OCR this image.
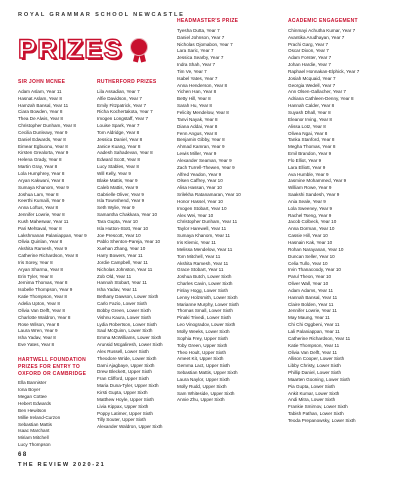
ROYAL GRAMMAR SCHOOL NEWCASTLE
PRIZES
SIR JOHN MCNEE
Adam Aslam, Year 11
Hasnat Aslam, Year 8
Hamzah Bansal, Year 11
Ciara Bowden, Year 8
Thea De Alwis, Year 8
Christopher Dunham, Year 8
Cecilia Dunleavy, Year 9
Daniel Edwards, Year 8
Eimear Egbuonu, Year 8
Kirsten Grealorta, Year 9
Helena Grady, Year 8
Martin Gray, Year 8
Lola Humphrey, Year 8
Aryan Kakwani, Year 8
Sumaya Khanom, Year 9
Joshua Lam, Year 8
Keerthi Kumaili, Year 9
Anna Loftus, Year 8
Jennifer Lowrie, Year 8
Kush Maheswar, Year 11
Pari Mehtaval, Year 8
Lakshmanan Palaniappan, Year 9
Olivia Quinlan, Year 8
Akshita Ramesh, Year 9
Catherine Richardson, Year 8
Iris Sorey, Year 8
Aryan Sharma, Year 8
Erin Tyler, Year 8
Jemima Thomas, Year 8
Isobelle Thompson, Year 9
Katie Thompson, Year 8
Adelia Upton, Year 8
Olivia Van Delft, Year 8
Charlotte Waldron, Year 8
Rose Wilson, Year 8
Laura Wren, Year 9
Isha Yadav, Year 8
Eve Yates, Year 8
HARTWELL FOUNDATION PRIZES FOR ENTRY TO OXFORD OR CAMBRIDGE
Ella Bannister
Iona Boyer
Megan Cottee
Hebert Edwards
Ben Hewitson
Millie Ireland-Curzon
Sebastian Mattis
Isaac Marchant
Miriam Mitchell
Lucy Thompson
RUTHERFORD PRIZES
Lila Assadian, Year 7
Alfie Davidson, Year 7
Emily Fitzpatrick, Year 7
Richa Kochertakota, Year 7
Imogen Longstaff, Year 7
Louise Spark, Year 7
Tom Aldridge, Year 8
Jessica Daniel, Year 8
Janice Kuang, Year 8
Aadesh Sahadevan, Year 8
Edward Scott, Year 8
Lucy Stables, Year 8
Will Kelly, Year 9
Blake Mattis, Year 9
Caleb Mattis, Year 9
Gabrielle Oliver, Year 9
Isla Townshend, Year 9
Seth Wylie, Year 9
Samantha Chakkara, Year 10
Tara Gupta, Year 10
Isla Hutton-Stott, Year 10
Joe Prescott, Year 10
Pablo Shenton-Pareja, Year 10
Xuehan Zhang, Year 10
Harry Bowers, Year 11
Jordie Campbell, Year 11
Nicholas Johnston, Year 11
Zob Old, Year 11
Hannah Stobart, Year 11
Isha Yadav, Year 11
Bethany Dawson, Lower Sixth
Carlo Fazio, Lower Sixth
Bobby Green, Lower Sixth
Vishnu Kaura, Lower Sixth
Lydia Robertson, Lower Sixth
Saul McQuinn, Lower Sixth
Emma McWilliams, Lower Sixth
Arunsid Mcgaliresh, Lower Sixth
Alex Russell, Lower Sixth
Theodore Wride, Lower Sixth
Dami Ajagbaye, Upper Sixth
Drew Bleckett, Upper Sixth
Fran Clifford, Upper Sixth
Maria Duna-Tyler, Upper Sixth
Kirsti Gupta, Upper Sixth
Matthew Hoyle, Upper Sixth
Livia Kippax, Upper Sixth
Poppy Latimer, Upper Sixth
Tilly Souter, Upper Sixth
Alexander Waldron, Upper Sixth
HEADMASTER'S PRIZE
Tyesha Dutta, Year 7
Daniel Johnson, Year 7
Nicholas Ojomabon, Year 7
Lara Saric, Year 7
Jessica Searby, Year 7
Indra Shah, Year 7
Tim Ve, Year 7
Isabel Yates, Year 7
Anna Henderson, Year 8
Yichen Han, Year 8
Betty Hill, Year 8
Sarah Hu, Year 8
Felicity Mendelow, Year 8
Tanvi Nayak, Year 8
Diana Addai, Year 8
Fenn Angus, Year 8
Benjamin Gibby, Year 8
Ahmad Kamran, Year 9
Lewis Miller, Year 9
Alexander Seaman, Year 9
Zach Turrell-Thewen, Year 9
Alfred Yeadon, Year 9
Olsen Caffrey, Year 10
Alisa Hassan, Year 10
Srilekha Ratanamaran, Year 10
Honor Hassel, Year 10
Imogen Stobart, Year 10
Alex Wei, Year 10
Christopher Dunham, Year 11
Taylor Harewell, Year 11
Sumaya Khanom, Year 11
Iris Klemic, Year 11
Melissa Mendelow, Year 11
Tom Mitchell, Year 11
Akshita Ramesh, Year 11
Grace Stobart, Year 11
Joshua Butch, Lower Sixth
Charles Cavin, Lower Sixth
Finlay Hogg, Lower Sixth
Lenny Holzsmith, Lower Sixth
Marianne Murphy, Lower Sixth
Thomas Small, Lower Sixth
Pinaki Trivedi, Lower Sixth
Leo Vinogradov, Lower Sixth
Molly Weeks, Lower Sixth
Sophia Frey, Upper Sixth
Toby Green, Upper Sixth
Theo Hoult, Upper Sixth
Ameet Kit, Upper Sixth
Gemma Lact, Upper Sixth
Sebastian Mattis, Upper Sixth
Laura Naylor, Upper Sixth
Molly Rudd, Upper Sixth
Sam Whiteside, Upper Sixth
Annie Zhu, Upper Sixth
ACADEMIC ENGAGEMENT
Chinmayi Achutha Kumar, Year 7
Avantika Arudhayan, Year 7
Prachi Garg, Year 7
Oscar Dixon, Year 7
Adam Forster, Year 7
Johan Hardie, Year 7
Raphael Honnakan-Elphick, Year 7
Josiah Mcquaid, Year 7
Georgia Wedell, Year 7
Ann Olsen-Gallacher, Year 7
Adriana Cathleen-Denny, Year 8
Hannah Calder, Year 8
Suyash Dhall, Year 8
Eleanor Irving, Year 8
Alissa Lotz, Year 8
Olivea Ngai, Year 8
Tanka Stanford, Year 8
Megha Thomas, Year 8
Emil Brandon, Year 9
Flo Elliot, Year 9
Lara Elliott, Year 9
Ava Humble, Year 9
Jasmine Mohammed, Year 9
William Rowe, Year 9
Saakshi Sandesh, Year 9
Ania Seale, Year 9
Lola Sweeney, Year 9
Rachel Tseng, Year 9
Jacob Colbeck, Year 10
Anna Dorman, Year 10
Cassie Hill, Year 10
Hasnain Kak, Year 10
Rohan Narayanan, Year 10
Duncan Seller, Year 10
Celia Tullo, Year 10
Irvin Thanacoody, Year 10
Parul Theon, Year 10
Oliver Wall, Year 10
Adam Adams, Year 11
Hannah Bansal, Year 11
Claire Bolden, Year 11
Jennifer Lowrie, Year 11
May Maung, Year 11
Chi Chi Oggbeni, Year 11
Lali Palaniappan, Year 11
Catherine Richardson, Year 11
Katie Thompson, Year 11
Olivia Van Delft, Year 11
Allison Cooper, Lower Sixth
Libby Christy, Lower Sixth
Phillip Daniel, Lower Sixth
Maarten Gooning, Lower Sixth
Pia Gupta, Lower Sixth
Ankit Kumar, Lower Sixth
Andi Mitra, Lower Sixth
Frankie Smirnov, Lower Sixth
Tabish Pathan, Lower Sixth
Teoda Prepanowsky, Lower Sixth
68
THE REVIEW 2020-21
